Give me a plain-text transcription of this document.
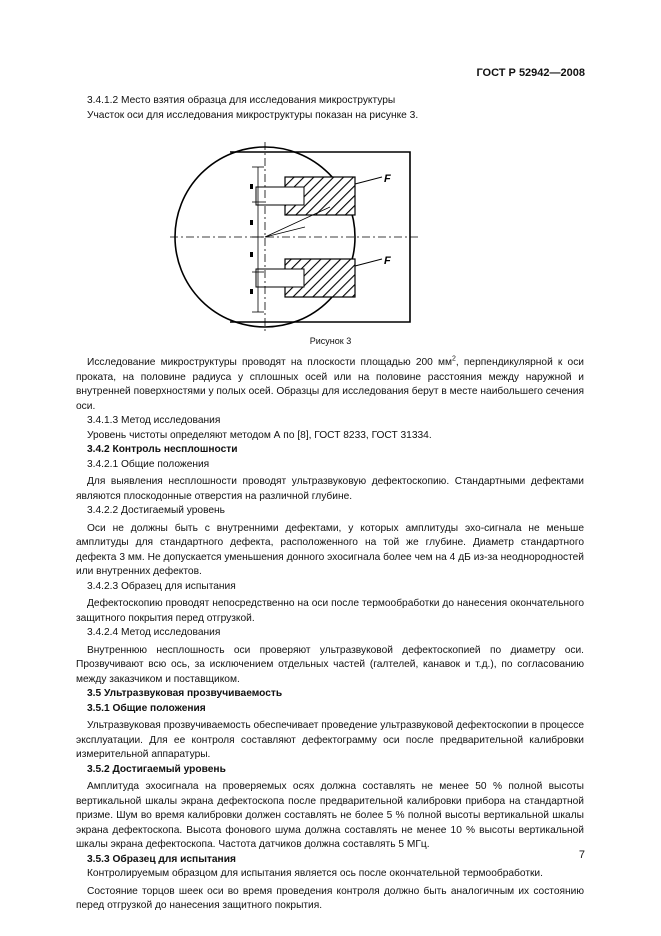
ГОСТ Р 52942—2008

3.4.1.2 Место взятия образца для исследования микроструктуры

Участок оси для исследования микроструктуры показан на рисунке 3.

F
F
Рисунок 3

Исследование микроструктуры проводят на плоскости площадью 200 $мм^2$, перпендикулярной к оси проката, на половине радиуса у сплошных осей или на половине расстояния между наружной и внутренней поверхностями у полых осей. Образцы для исследования берут в месте наибольшего сечения оси.

3.4.1.3 Метод исследования

Уровень чистоты определяют методом А по [8], ГОСТ 8233, ГОСТ 31334.

3.4.2 Контроль несплошности

3.4.2.1 Общие положения

Для выявления несплошности проводят ультразвуковую дефектоскопию. Стандартными дефектами являются плоскодонные отверстия на различной глубине.

3.4.2.2 Достигаемый уровень

Оси не должны быть с внутренними дефектами, у которых амплитуды эхо-сигнала не меньше амплитуды для стандартного дефекта, расположенного на той же глубине. Диаметр стандартного дефекта 3 мм. Не допускается уменьшения донного эхосигнала более чем на 4 дБ из-за неоднородностей или внутренних дефектов.

3.4.2.3 Образец для испытания

Дефектоскопию проводят непосредственно на оси после термообработки до нанесения окончательного защитного покрытия перед отгрузкой.

3.4.2.4 Метод исследования

Внутреннюю несплошность оси проверяют ультразвуковой дефектоскопией по диаметру оси. Прозвучивают всю ось, за исключением отдельных частей (галтелей, канавок и т.д.), по согласованию между заказчиком и поставщиком.

3.5 Ультразвуковая прозвучиваемость

3.5.1 Общие положения

Ультразвуковая прозвучиваемость обеспечивает проведение ультразвуковой дефектоскопии в процессе эксплуатации. Для ее контроля составляют дефектограмму оси после предварительной калибровки измерительной аппаратуры.

3.5.2 Достигаемый уровень

Амплитуда эхосигнала на проверяемых осях должна составлять не менее 50 % полной высоты вертикальной шкалы экрана дефектоскопа после предварительной калибровки прибора на стандартной призме. Шум во время калибровки должен составлять не более 5 % полной высоты вертикальной шкалы экрана дефектоскопа. Высота фонового шума должна составлять не менее 10 % высоты вертикальной шкалы экрана дефектоскопа. Частота датчиков должна составлять 5 МГц.

3.5.3 Образец для испытания

Контролируемым образцом для испытания является ось после окончательной термообработки.

Состояние торцов шеек оси во время проведения контроля должно быть аналогичным их состоянию перед отгрузкой до нанесения защитного покрытия.

7
